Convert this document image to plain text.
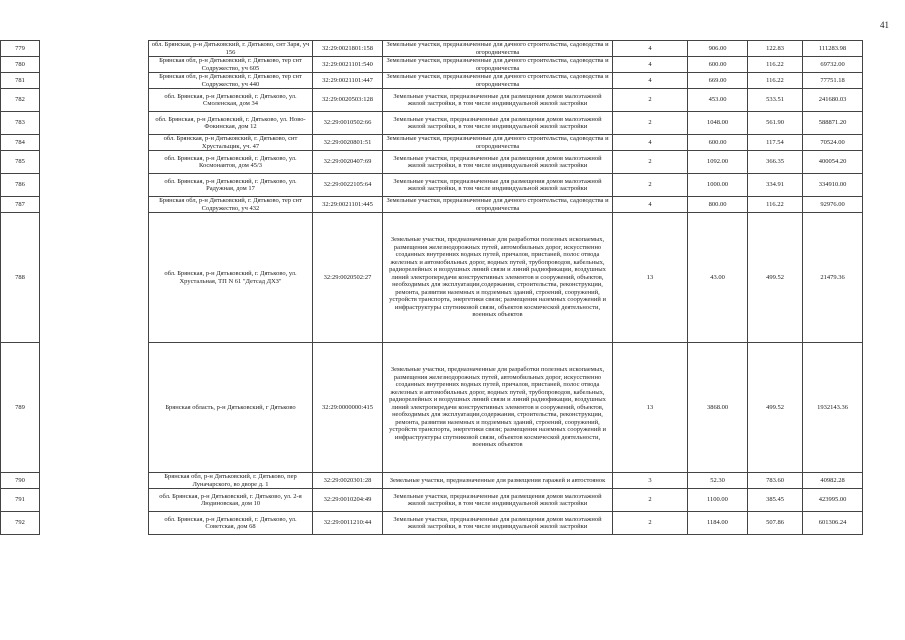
41
779		обл. Брянская, р-н Дятьковский, г. Дятьково, снт Заря, уч 156	32:29:0021801:158	Земельные участки, предназначенные для дачного строительства, садоводства и огородничества	4	906.00	122.83	111283.98
780		Брянская обл, р-н Дятьковский, г. Дятьково, тер снт Содружество, уч 605	32:29:0021101:540	Земельные участки, предназначенные для дачного строительства, садоводства и огородничества	4	600.00	116.22	69732.00
781		Брянская обл, р-н Дятьковский, г. Дятьково, тер снт Содружество, уч 440	32:29:0021101:447	Земельные участки, предназначенные для дачного строительства, садоводства и огородничества	4	669.00	116.22	77751.18
782		обл. Брянская, р-н Дятьковский, г. Дятьково, ул. Смоленская, дом 34	32:29:0020503:128	Земельные участки, предназначенные для размещения домов малоэтажной жилой застройки, в том числе индивидуальной жилой застройки	2	453.00	533.51	241680.03
783		обл. Брянская, р-н Дятьковский, г. Дятьково, ул. Ново-Фокинская, дом 12	32:29:0010502:66	Земельные участки, предназначенные для размещения домов малоэтажной жилой застройки, в том числе индивидуальной жилой застройки	2	1048.00	561.90	588871.20
784		обл. Брянская, р-н Дятьковский, г. Дятьково, снт Хрустальщик, уч. 47	32:29:0020801:51	Земельные участки, предназначенные для дачного строительства, садоводства и огородничества	4	600.00	117.54	70524.00
785		обл. Брянская, р-н Дятьковский, г. Дятьково, ул. Космонавтов, дом 45/3	32:29:0020407:69	Земельные участки, предназначенные для размещения домов малоэтажной жилой застройки, в том числе индивидуальной жилой застройки	2	1092.00	366.35	400054.20
786		обл. Брянская, р-н Дятьковский, г. Дятьково, ул. Радужная, дом 17	32:29:0022105:64	Земельные участки, предназначенные для размещения домов малоэтажной жилой застройки, в том числе индивидуальной жилой застройки	2	1000.00	334.91	334910.00
787		Брянская обл, р-н Дятьковский, г. Дятьково, тер снт Содружество, уч 432	32:29:0021101:445	Земельные участки, предназначенные для дачного строительства, садоводства и огородничества	4	800.00	116.22	92976.00
788		обл. Брянская, р-н Дятьковский, г. Дятьково, ул. Хрустальная, ТП N 61 "Детсад ДХЗ"	32:29:0020502:27	Земельные участки, предназначенные для разработки полезных ископаемых, размещения железнодорожных путей, автомобильных дорог, искусственно созданных внутренних водных путей, причалов, пристаней, полос отвода железных и автомобильных дорог, водных путей, трубопроводов, кабельных, радиорелейных и воздушных линий связи и линий радиофикации, воздушных линий электропередачи конструктивных элементов и сооружений, объектов, необходимых для эксплуатации,содержания, строительства, реконструкции, ремонта, развития наземных и подземных зданий, строений, сооружений, устройств транспорта, энергетики связи; размещения наземных сооружений и инфраструктуры спутниковой связи, объектов космической деятельности, военных объектов	13	43.00	499.52	21479.36
789		Брянская область, р-н Дятьковский, г Дятьково	32:29:0000000:415	Земельные участки, предназначенные для разработки полезных ископаемых, размещения железнодорожных путей, автомобильных дорог, искусственно созданных внутренних водных путей, причалов, пристаней, полос отвода железных и автомобильных дорог, водных путей, трубопроводов, кабельных, радиорелейных и воздушных линий связи и линий радиофикации, воздушных линий электропередачи конструктивных элементов и сооружений, объектов, необходимых для эксплуатации,содержания, строительства, реконструкции, ремонта, развития наземных и подземных зданий, строений, сооружений, устройств транспорта, энергетики связи; размещения наземных сооружений и инфраструктуры спутниковой связи, объектов космической деятельности, военных объектов	13	3868.00	499.52	1932143.36
790		Брянская обл, р-н Дятьковский, г. Дятьково, пер Луначарского, во дворе д. 1	32:29:0020301:28	Земельные участки, предназначенные для размещения гаражей и автостоянок	3	52.30	783.60	40982.28
791		обл. Брянская, р-н Дятьковский, г. Дятьково, ул. 2-я Людиновская, дом 10	32:29:0010204:49	Земельные участки, предназначенные для размещения домов малоэтажной жилой застройки, в том числе индивидуальной жилой застройки	2	1100.00	385.45	423995.00
792		обл. Брянская, р-н Дятьковский, г. Дятьково, ул. Советская, дом 68	32:29:0011210:44	Земельные участки, предназначенные для размещения домов малоэтажной жилой застройки, в том числе индивидуальной жилой застройки	2	1184.00	507.86	601306.24
